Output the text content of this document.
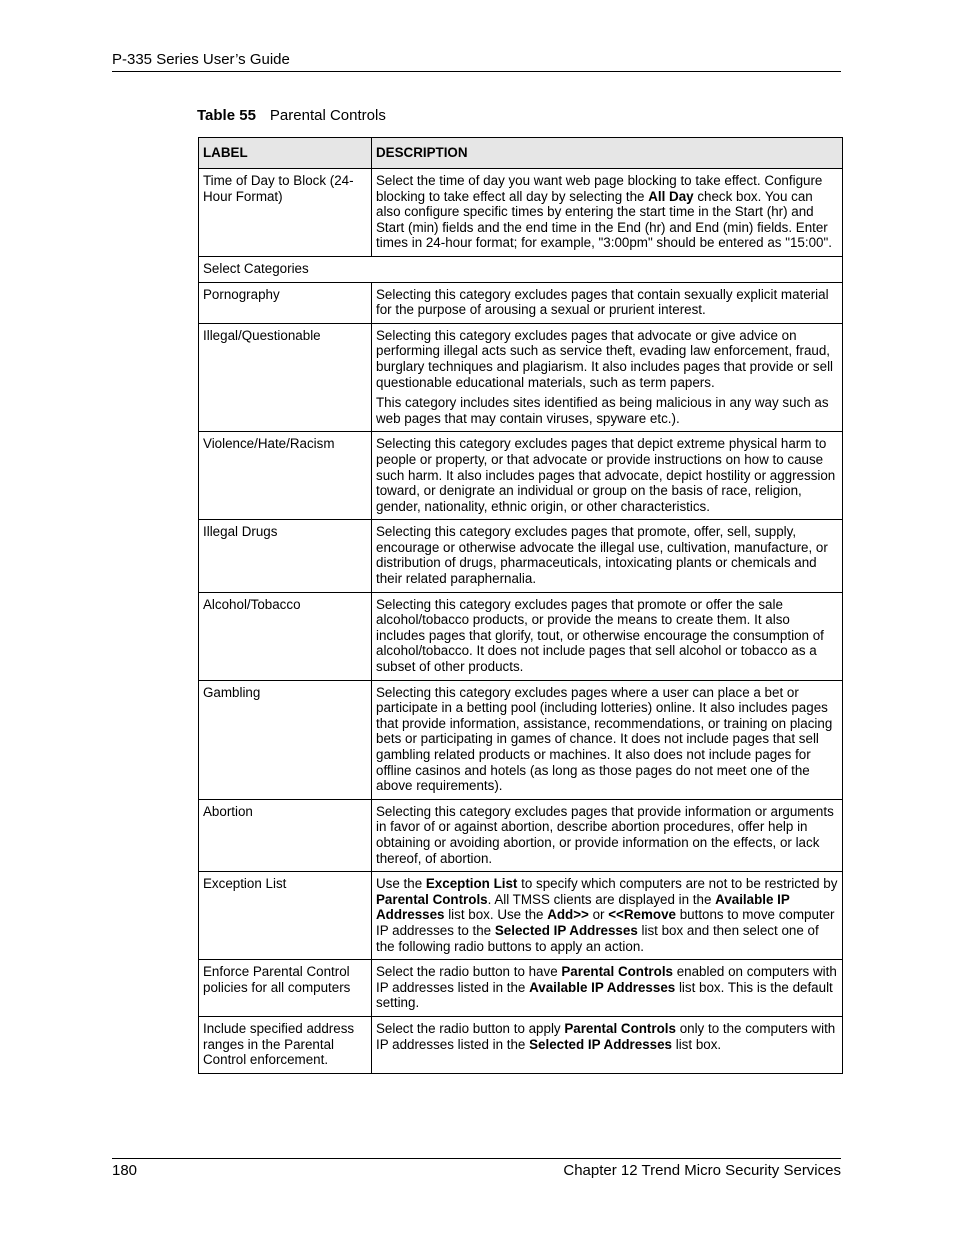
P-335 Series User’s Guide
Table 55 Parental Controls
LABEL	DESCRIPTION
Time of Day to Block (24-Hour Format)	Select the time of day you want web page blocking to take effect. Configure blocking to take effect all day by selecting the All Day check box. You can also configure specific times by entering the start time in the Start (hr) and Start (min) fields and the end time in the End (hr) and End (min) fields. Enter times in 24-hour format; for example, "3:00pm" should be entered as "15:00".

Select Categories	
Pornography	Selecting this category excludes pages that contain sexually explicit material for the purpose of arousing a sexual or prurient interest.

Illegal/Questionable	Selecting this category excludes pages that advocate or give advice on performing illegal acts such as service theft, evading law enforcement, fraud, burglary techniques and plagiarism. It also includes pages that provide or sell questionable educational materials, such as term papers.
This category includes sites identified as being malicious in any way such as web pages that may contain viruses, spyware etc.).

Violence/Hate/Racism	Selecting this category excludes pages that depict extreme physical harm to people or property, or that advocate or provide instructions on how to cause such harm. It also includes pages that advocate, depict hostility or aggression toward, or denigrate an individual or group on the basis of race, religion, gender, nationality, ethnic origin, or other characteristics.

Illegal Drugs	Selecting this category excludes pages that promote, offer, sell, supply, encourage or otherwise advocate the illegal use, cultivation, manufacture, or distribution of drugs, pharmaceuticals, intoxicating plants or chemicals and their related paraphernalia.

Alcohol/Tobacco	Selecting this category excludes pages that promote or offer the sale alcohol/tobacco products, or provide the means to create them. It also includes pages that glorify, tout, or otherwise encourage the consumption of alcohol/tobacco. It does not include pages that sell alcohol or tobacco as a subset of other products.

Gambling	Selecting this category excludes pages where a user can place a bet or participate in a betting pool (including lotteries) online. It also includes pages that provide information, assistance, recommendations, or training on placing bets or participating in games of chance. It does not include pages that sell gambling related products or machines. It also does not include pages for offline casinos and hotels (as long as those pages do not meet one of the above requirements).

Abortion	Selecting this category excludes pages that provide information or arguments in favor of or against abortion, describe abortion procedures, offer help in obtaining or avoiding abortion, or provide information on the effects, or lack thereof, of abortion.

Exception List	Use the Exception List to specify which computers are not to be restricted by Parental Controls. All TMSS clients are displayed in the Available IP Addresses list box. Use the Add>> or <<Remove buttons to move computer IP addresses to the Selected IP Addresses list box and then select one of the following radio buttons to apply an action.

Enforce Parental Control policies for all computers	Select the radio button to have Parental Controls enabled on computers with IP addresses listed in the Available IP Addresses list box. This is the default setting.

Include specified address ranges in the Parental Control enforcement.	Select the radio button to apply Parental Controls only to the computers with IP addresses listed in the Selected IP Addresses list box.
180	Chapter 12 Trend Micro Security Services
